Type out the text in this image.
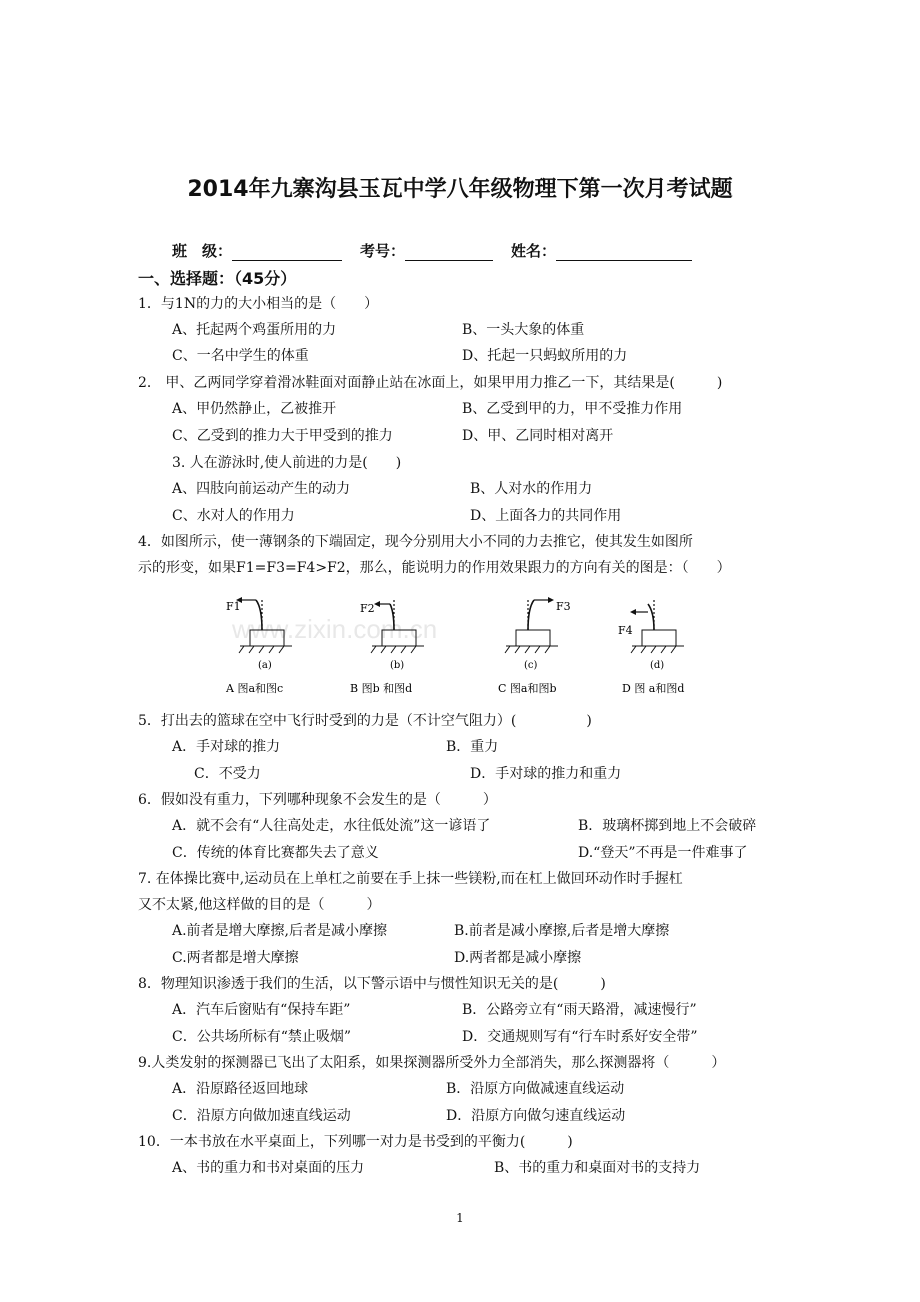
2014年九寨沟县玉瓦中学八年级物理下第一次月考试题
班　级：	考号：	姓名：
一、选择题：（45分）
1．与1N的力的大小相当的是（　　）
A、托起两个鸡蛋所用的力	B、一头大象的体重
C、一名中学生的体重	D、托起一只蚂蚁所用的力
2． 甲、乙两同学穿着滑冰鞋面对面静止站在冰面上，如果甲用力推乙一下，其结果是(　　　)
A、甲仍然静止，乙被推开	B、乙受到甲的力，甲不受推力作用
C、乙受到的推力大于甲受到的推力	D、甲、乙同时相对离开
3. 人在游泳时,使人前进的力是(　　)
A、四肢向前运动产生的动力	B、人对水的作用力
C、水对人的作用力	D、上面各力的共同作用
4．如图所示，使一薄钢条的下端固定，现今分别用大小不同的力去推它，使其发生如图所
示的形变，如果F1=F3=F4>F2，那么，能说明力的作用效果跟力的方向有关的图是：（　　）
www.zixin.com.cn
F1
(a)
F2
(b)
F3
(c)
F4
(d)
A 图a和图c	B 图b 和图d	C 图a和图b	D 图 a和图d
5．打出去的篮球在空中飞行时受到的力是（不计空气阻力）(　　　　　)
A．手对球的推力	B．重力
C．不受力	D．手对球的推力和重力
6．假如没有重力，下列哪种现象不会发生的是（　　　）
A．就不会有“人往高处走，水往低处流”这一谚语了	B．玻璃杯掷到地上不会破碎
C．传统的体育比赛都失去了意义	D.“登天”不再是一件难事了
7. 在体操比赛中,运动员在上单杠之前要在手上抹一些镁粉,而在杠上做回环动作时手握杠
又不太紧,他这样做的目的是（　　　）
A.前者是增大摩擦,后者是减小摩擦	B.前者是减小摩擦,后者是增大摩擦
C.两者都是增大摩擦	D.两者都是减小摩擦
8．物理知识渗透于我们的生活，以下警示语中与惯性知识无关的是(　　　)
A．汽车后窗贴有“保持车距”	B．公路旁立有“雨天路滑，减速慢行”
C．公共场所标有“禁止吸烟”	D．交通规则写有“行车时系好安全带”
9.人类发射的探测器已飞出了太阳系，如果探测器所受外力全部消失，那么探测器将（　　　）
A．沿原路径返回地球	B．沿原方向做减速直线运动
C．沿原方向做加速直线运动	D．沿原方向做匀速直线运动
10．一本书放在水平桌面上，下列哪一对力是书受到的平衡力(　　　)
A、书的重力和书对桌面的压力	B、书的重力和桌面对书的支持力
1
